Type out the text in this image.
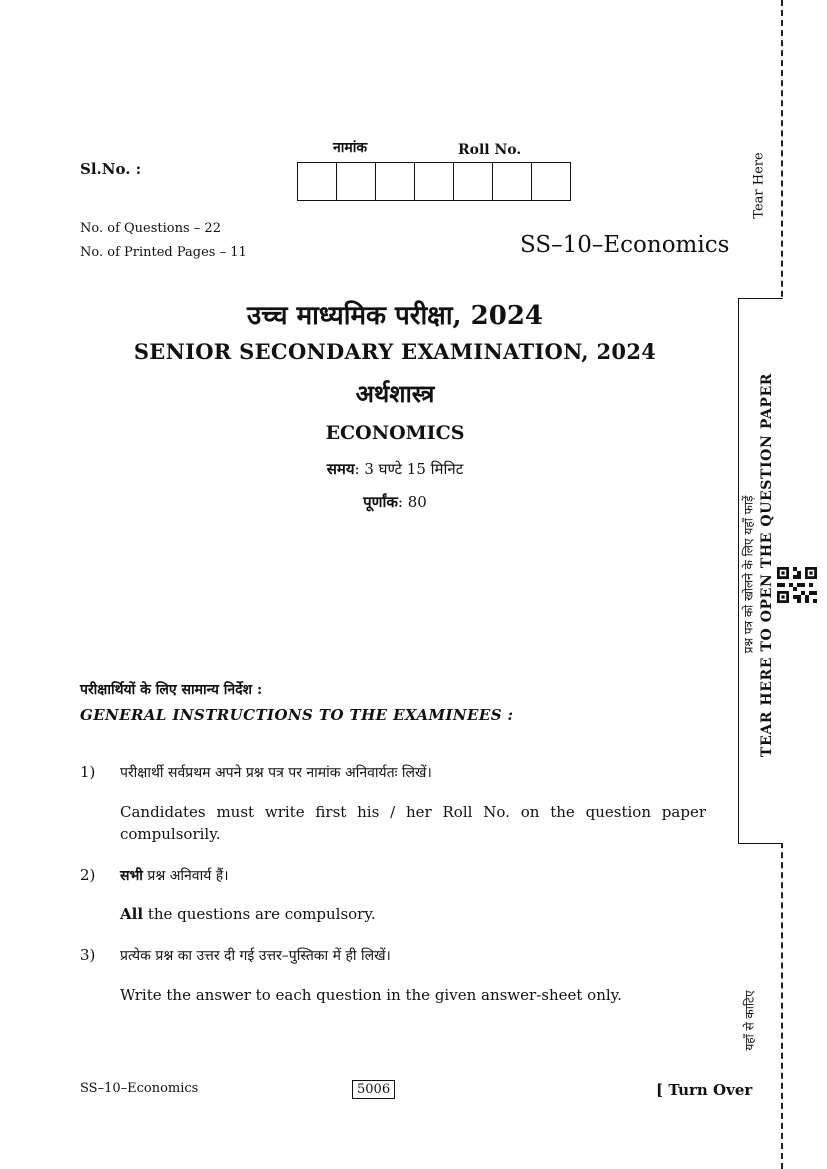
Sl.No. :
नामांक	Roll No.
No. of Questions – 22
No. of Printed Pages – 11	SS–10–Economics
उच्च माध्यमिक परीक्षा, 2024
SENIOR SECONDARY EXAMINATION, 2024
अर्थशास्त्र
ECONOMICS
समय: 3 घण्टे 15 मिनिट
पूर्णांक: 80
परीक्षार्थियों के लिए सामान्य निर्देश :
GENERAL INSTRUCTIONS TO THE EXAMINEES :
1) परीक्षार्थी सर्वप्रथम अपने प्रश्न पत्र पर नामांक अनिवार्यतः लिखें।
Candidates must write first his / her Roll No. on the question paper compulsorily.
2) सभी प्रश्न अनिवार्य हैं।
All the questions are compulsory.
3) प्रत्येक प्रश्न का उत्तर दी गई उत्तर–पुस्तिका में ही लिखें।
Write the answer to each question in the given answer-sheet only.
SS–10–Economics	5006	[ Turn Over
Tear Here
TEAR HERE TO OPEN THE QUESTION PAPER
प्रश्न पत्र को खोलने के लिए यहाँ फाड़ें
यहाँ से काटिए
